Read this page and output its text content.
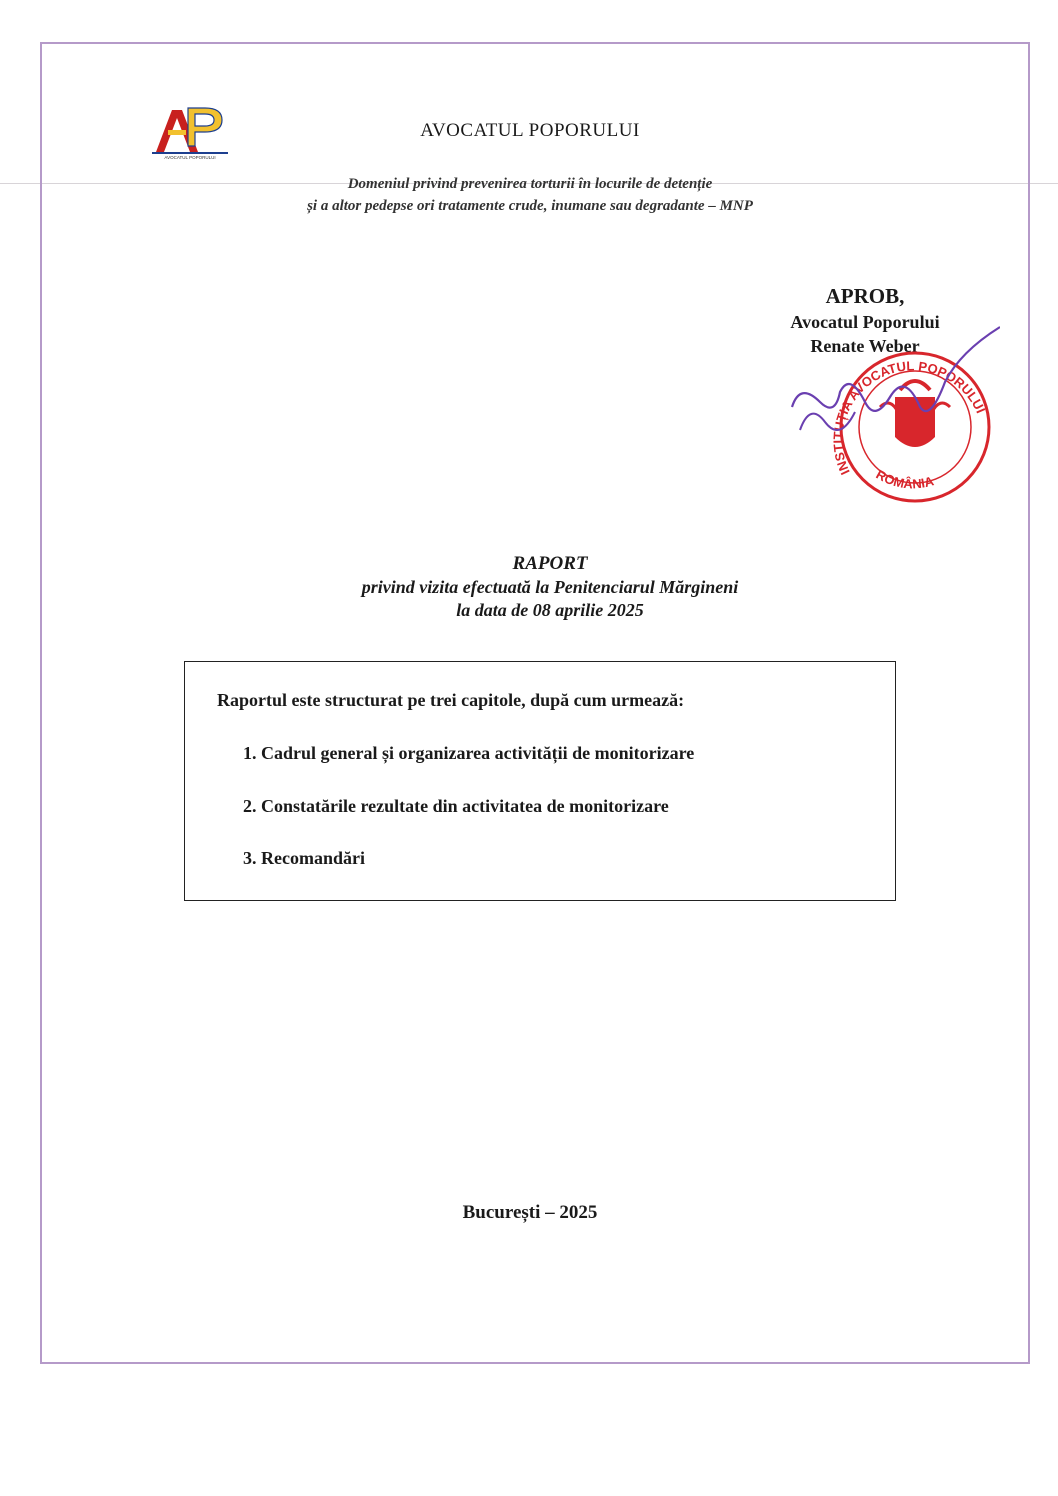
AVOCATUL POPORULUI
AVOCATUL POPORULUI
Domeniul privind prevenirea torturii în locurile de detenție
și a altor pedepse ori tratamente crude, inumane sau degradante – MNP
APROB,
Avocatul Poporului
Renate Weber
INSTITUȚIA AVOCATUL POPORULUI
ROMÂNIA
RAPORT
privind vizita efectuată la Penitenciarul Mărgineni
la data de 08 aprilie 2025
Raportul este structurat pe trei capitole, după cum urmează:
1. Cadrul general și organizarea activității de monitorizare
2. Constatările rezultate din activitatea de monitorizare
3. Recomandări
București – 2025
